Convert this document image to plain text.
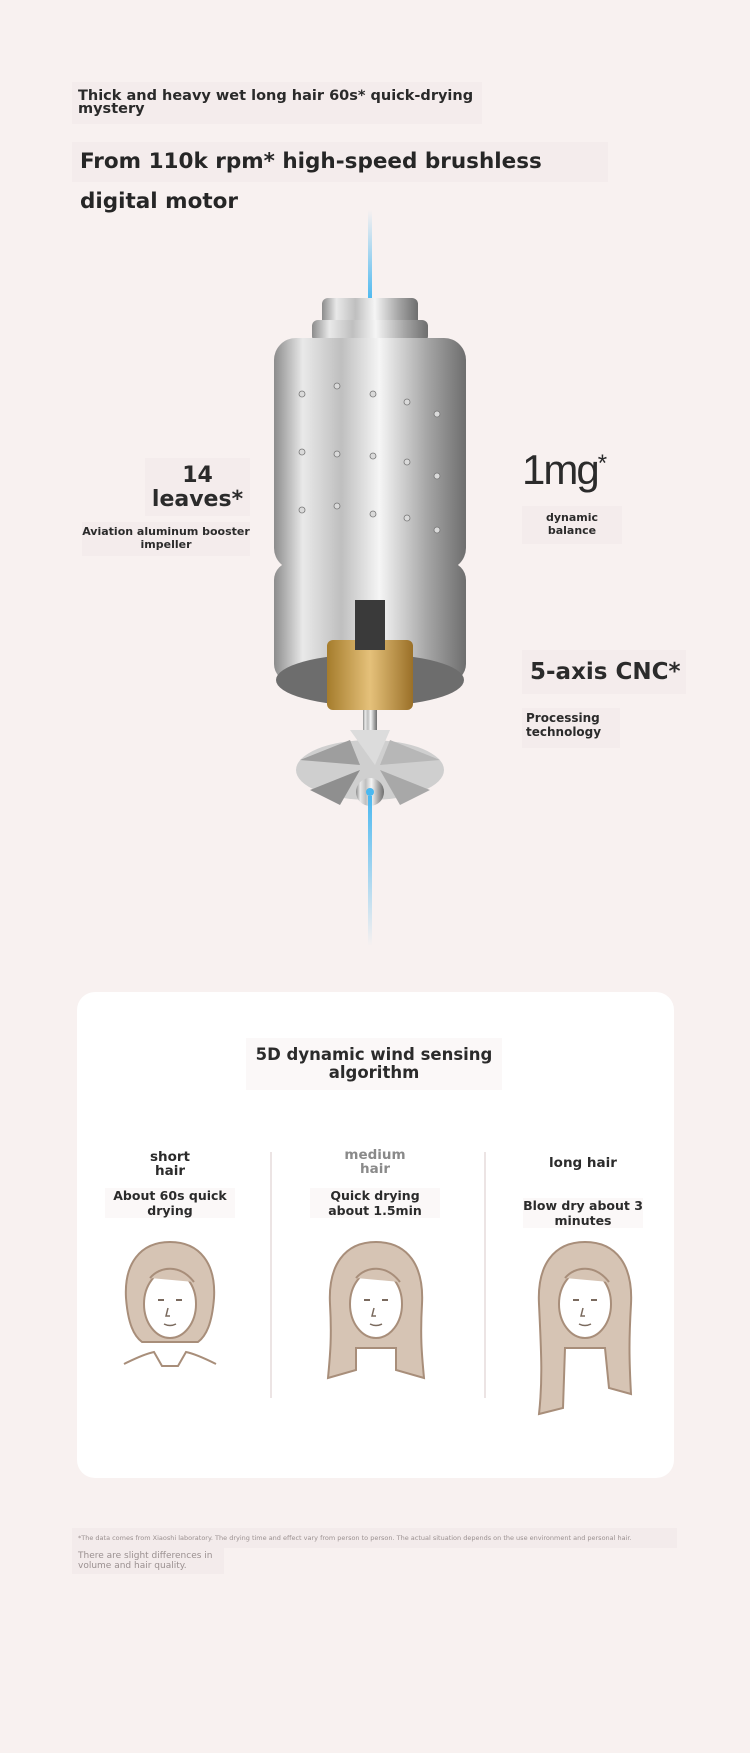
Thick and heavy wet long hair 60s* quick-drying mystery
From 110k rpm* high-speed brushless digital motor
14 leaves*
Aviation aluminum booster impeller
1mg*
dynamic balance
5-axis CNC*
Processing technology
5D dynamic wind sensing algorithm
short hair
About 60s quick drying
medium hair
Quick drying about 1.5min
long hair
Blow dry about 3 minutes
*The data comes from Xiaoshi laboratory. The drying time and effect vary from person to person. The actual situation depends on the use environment and personal hair.
There are slight differences in volume and hair quality.
